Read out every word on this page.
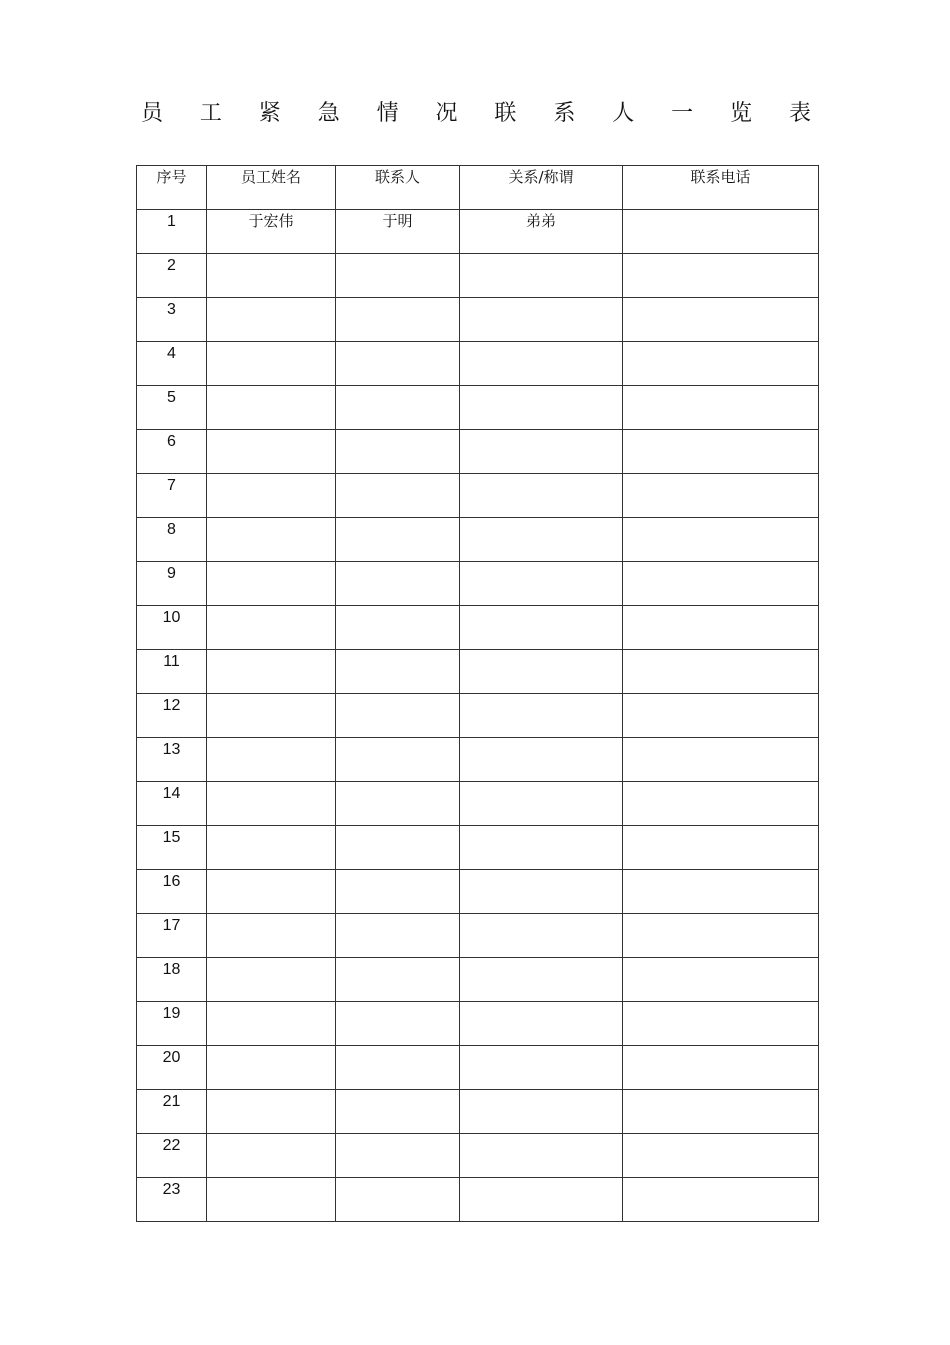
员 工 紧 急 情 况 联 系 人 一 览 表
序号	员工姓名	联系人	关系/称谓	联系电话

1	于宏伟	于明	弟弟	

2				

3				

4				

5				

6				

7				

8				

9				

10				

11				

12				

13				

14				

15				

16				

17				

18				

19				

20				

21				

22				

23				
